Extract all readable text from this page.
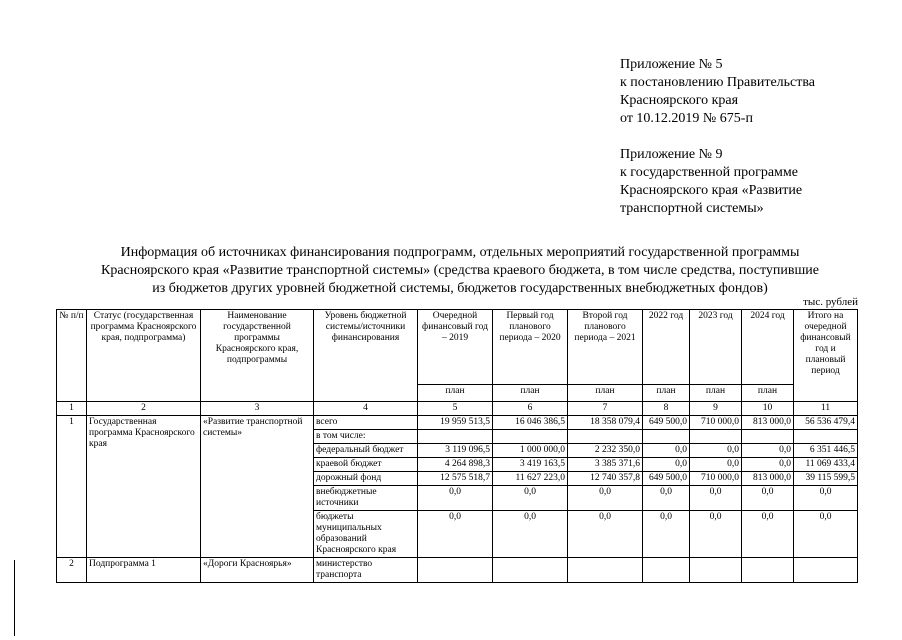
Приложение № 5
к постановлению Правительства
Красноярского края
от 10.12.2019 № 675-п
Приложение № 9
к государственной программе
Красноярского края «Развитие
транспортной системы»
Информация об источниках финансирования подпрограмм, отдельных мероприятий государственной программы
Красноярского края «Развитие транспортной системы» (средства краевого бюджета, в том числе средства, поступившие
из бюджетов других уровней бюджетной системы, бюджетов государственных внебюджетных фондов)
тыс. рублей
№ п/п	Статус (государственная программа Красноярского края, подпрограмма)	Наименование государственной программы Красноярского края, подпрограммы	Уровень бюджетной системы/источники финансирования	Очередной финансовый год – 2019	Первый год планового периода – 2020	Второй год планового периода – 2021	2022 год	2023 год	2024 год	Итого на очередной финансовый год и плановый период
				план	план	план	план	план	план	
1	2	3	4	5	6	7	8	9	10	11
1	Государственная программа Красноярского края	«Развитие транспортной системы»	всего	19 959 513,5	16 046 386,5	18 358 079,4	649 500,0	710 000,0	813 000,0	56 536 479,4
			в том числе:							
			федеральный бюджет	3 119 096,5	1 000 000,0	2 232 350,0	0,0	0,0	0,0	6 351 446,5
			краевой бюджет	4 264 898,3	3 419 163,5	3 385 371,6	0,0	0,0	0,0	11 069 433,4
			дорожный фонд	12 575 518,7	11 627 223,0	12 740 357,8	649 500,0	710 000,0	813 000,0	39 115 599,5
			внебюджетные источники	0,0	0,0	0,0	0,0	0,0	0,0	0,0
			бюджеты муниципальных образований Красноярского края	0,0	0,0	0,0	0,0	0,0	0,0	0,0
2	Подпрограмма 1	«Дороги Красноярья»	министерство транспорта							
